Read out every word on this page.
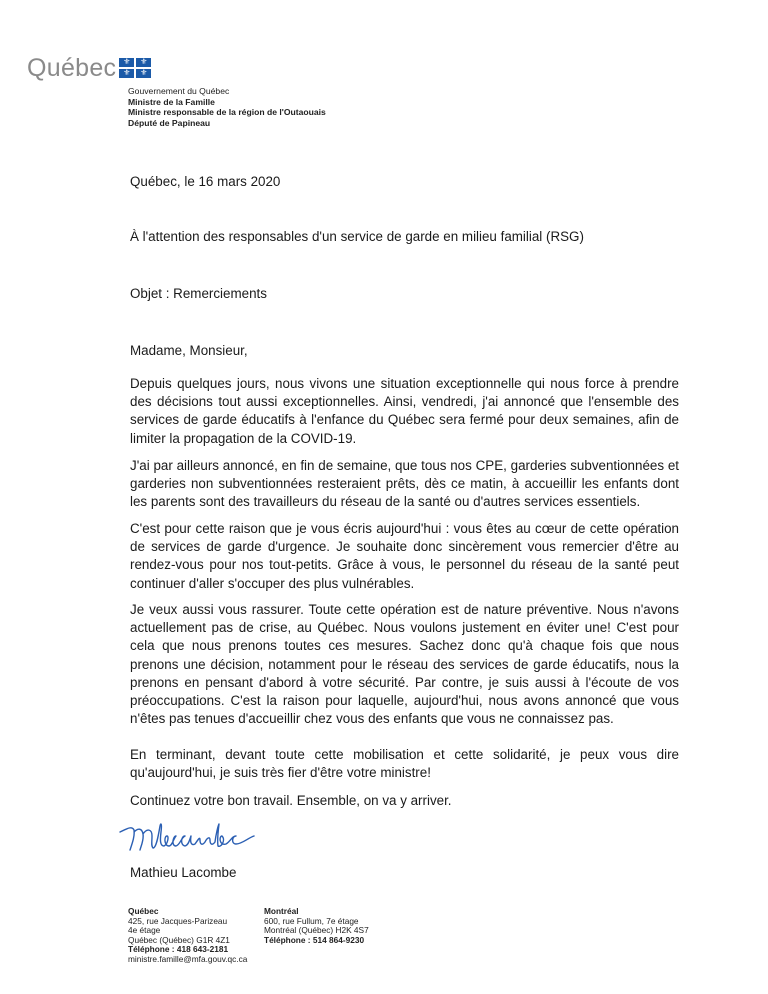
Québec
⚜
⚜
⚜
⚜
Gouvernement du Québec
Ministre de la Famille
Ministre responsable de la région de l'Outaouais
Député de Papineau
Québec, le 16 mars 2020
À l'attention des responsables d'un service de garde en milieu familial (RSG)
Objet : Remerciements
Madame, Monsieur,

Depuis quelques jours, nous vivons une situation exceptionnelle qui nous force à prendre des décisions tout aussi exceptionnelles. Ainsi, vendredi, j'ai annoncé que l'ensemble des services de garde éducatifs à l'enfance du Québec sera fermé pour deux semaines, afin de limiter la propagation de la COVID-19.

J'ai par ailleurs annoncé, en fin de semaine, que tous nos CPE, garderies subventionnées et garderies non subventionnées resteraient prêts, dès ce matin, à accueillir les enfants dont les parents sont des travailleurs du réseau de la santé ou d'autres services essentiels.

C'est pour cette raison que je vous écris aujourd'hui : vous êtes au cœur de cette opération de services de garde d'urgence. Je souhaite donc sincèrement vous remercier d'être au rendez-vous pour nos tout-petits. Grâce à vous, le personnel du réseau de la santé peut continuer d'aller s'occuper des plus vulnérables.

Je veux aussi vous rassurer. Toute cette opération est de nature préventive. Nous n'avons actuellement pas de crise, au Québec. Nous voulons justement en éviter une! C'est pour cela que nous prenons toutes ces mesures. Sachez donc qu'à chaque fois que nous prenons une décision, notamment pour le réseau des services de garde éducatifs, nous la prenons en pensant d'abord à votre sécurité. Par contre, je suis aussi à l'écoute de vos préoccupations. C'est la raison pour laquelle, aujourd'hui, nous avons annoncé que vous n'êtes pas tenues d'accueillir chez vous des enfants que vous ne connaissez pas.

En terminant, devant toute cette mobilisation et cette solidarité, je peux vous dire qu'aujourd'hui, je suis très fier d'être votre ministre!

Continuez votre bon travail. Ensemble, on va y arriver.
Mathieu Lacombe
Québec
425, rue Jacques-Parizeau
4e étage
Québec (Québec) G1R 4Z1
Téléphone : 418 643-2181
ministre.famille@mfa.gouv.qc.ca
Montréal
600, rue Fullum, 7e étage
Montréal (Québec) H2K 4S7
Téléphone : 514 864-9230
